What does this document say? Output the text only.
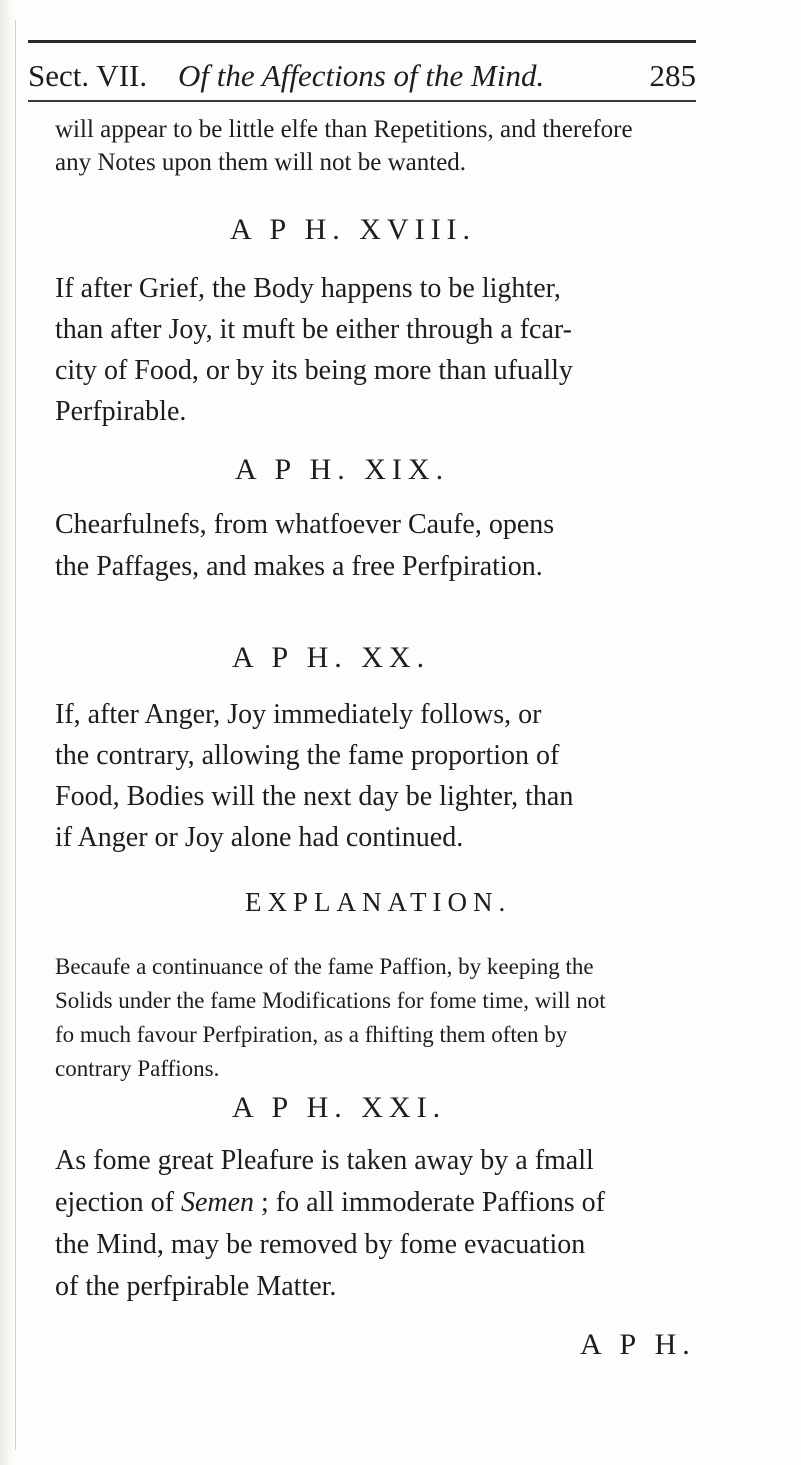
Sect. VII. Of the Affections of the Mind.	285
will appear to be little elfe than Repetitions, and therefore
any Notes upon them will not be wanted.
A P H. XVIII.
If after Grief, the Body happens to be lighter,
than after Joy, it muft be either through a fcar-
city of Food, or by its being more than ufually
Perfpirable.
A P H. XIX.
Chearfulnefs, from whatfoever Caufe, opens
the Paffages, and makes a free Perfpiration.
A P H. XX.
If, after Anger, Joy immediately follows, or
the contrary, allowing the fame proportion of
Food, Bodies will the next day be lighter, than
if Anger or Joy alone had continued.
EXPLANATION.
Becaufe a continuance of the fame Paffion, by keeping the
Solids under the fame Modifications for fome time, will not
fo much favour Perfpiration, as a fhifting them often by
contrary Paffions.
A P H. XXI.
As fome great Pleafure is taken away by a fmall
ejection of Semen ; fo all immoderate Paffions of
the Mind, may be removed by fome evacuation
of the perfpirable Matter.
A P H.
